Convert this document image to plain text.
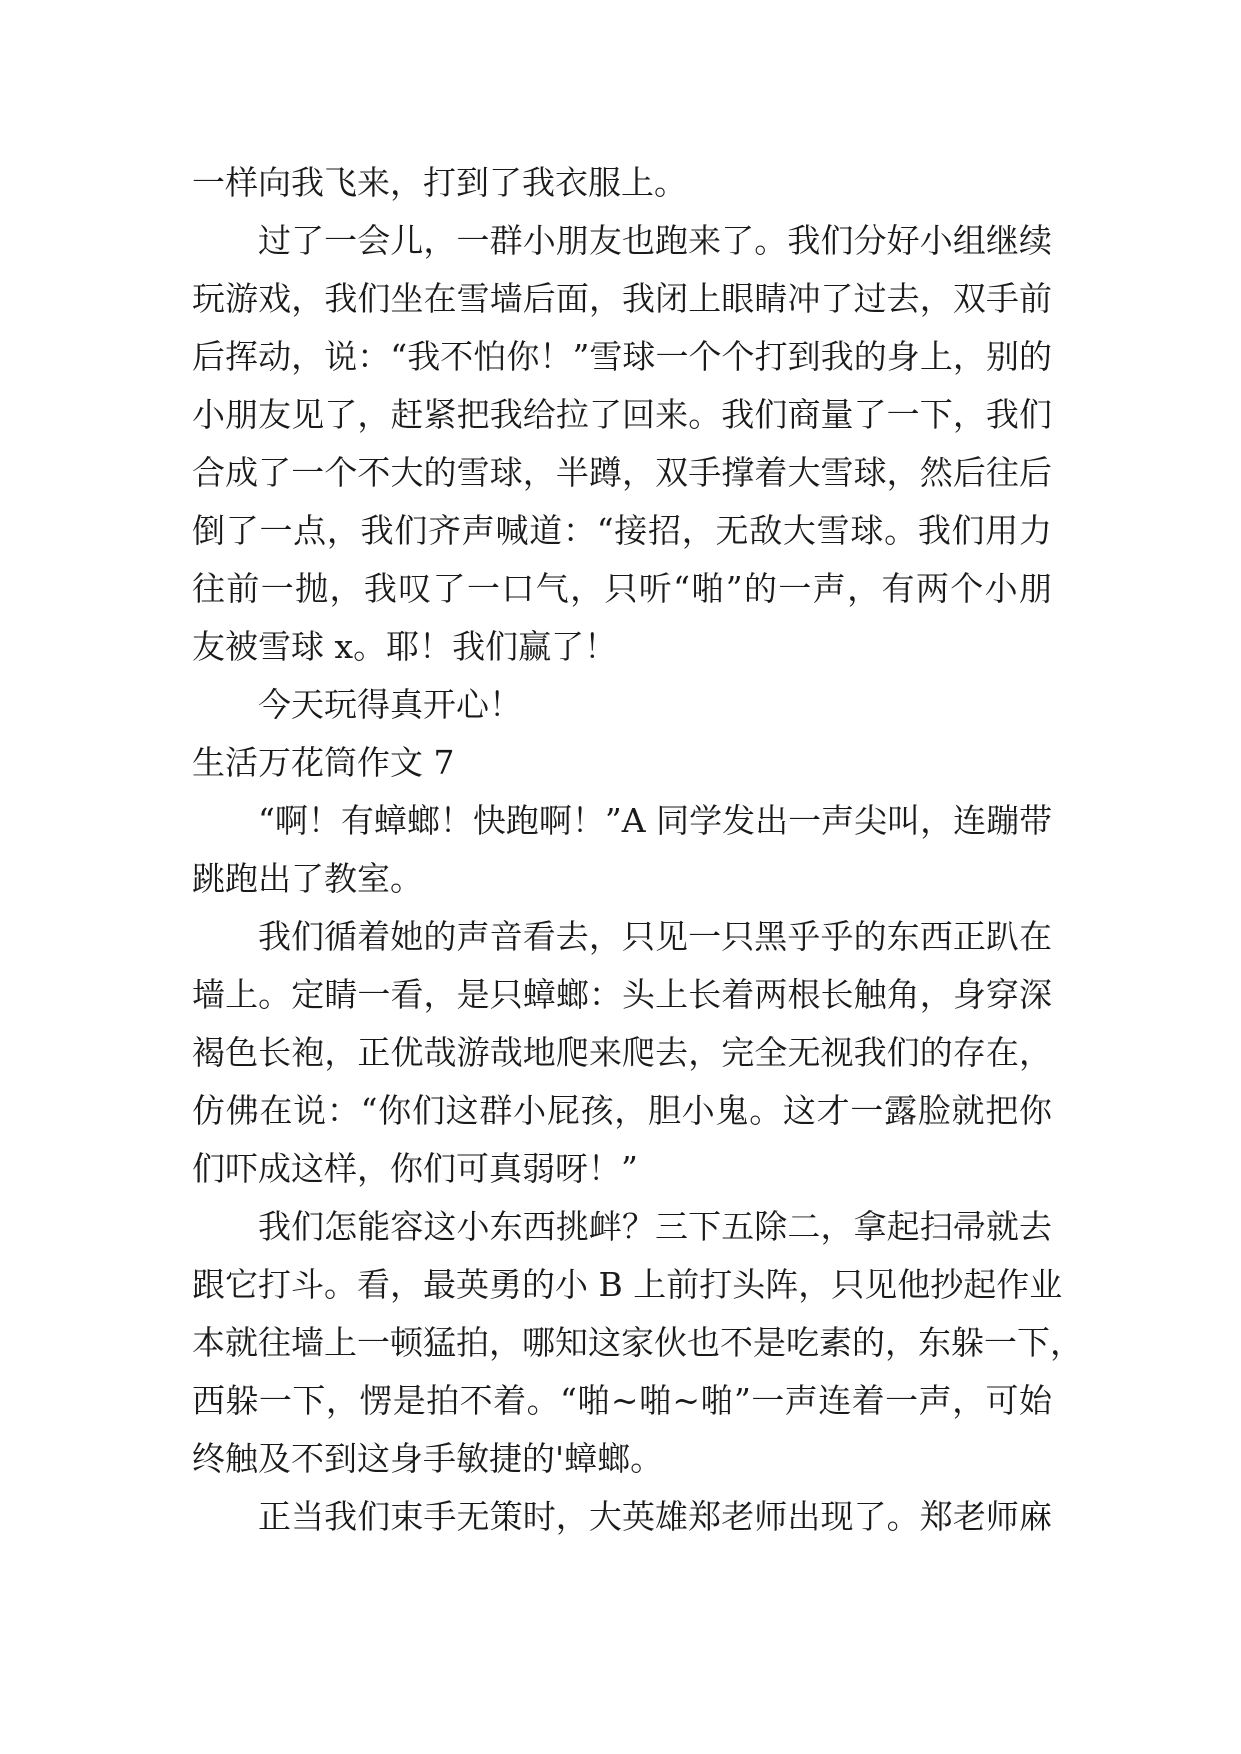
一样向我飞来，打到了我衣服上。
过了一会儿，一群小朋友也跑来了。我们分好小组继续
玩游戏，我们坐在雪墙后面，我闭上眼睛冲了过去，双手前
后挥动，说：“我不怕你！”雪球一个个打到我的身上，别的
小朋友见了，赶紧把我给拉了回来。我们商量了一下，我们
合成了一个不大的雪球，半蹲，双手撑着大雪球，然后往后
倒了一点，我们齐声喊道：“接招，无敌大雪球。我们用力
往前一抛，我叹了一口气，只听“啪”的一声，有两个小朋
友被雪球 x。耶！我们赢了！
今天玩得真开心！
生活万花筒作文 7
“啊！有蟑螂！快跑啊！”A 同学发出一声尖叫，连蹦带
跳跑出了教室。
我们循着她的声音看去，只见一只黑乎乎的东西正趴在
墙上。定睛一看，是只蟑螂：头上长着两根长触角，身穿深
褐色长袍，正优哉游哉地爬来爬去，完全无视我们的存在，
仿佛在说：“你们这群小屁孩，胆小鬼。这才一露脸就把你
们吓成这样，你们可真弱呀！”
我们怎能容这小东西挑衅？三下五除二，拿起扫帚就去
跟它打斗。看，最英勇的小 B 上前打头阵，只见他抄起作业
本就往墙上一顿猛拍，哪知这家伙也不是吃素的，东躲一下，
西躲一下，愣是拍不着。“啪~啪~啪”一声连着一声，可始
终触及不到这身手敏捷的'蟑螂。
正当我们束手无策时，大英雄郑老师出现了。郑老师麻
